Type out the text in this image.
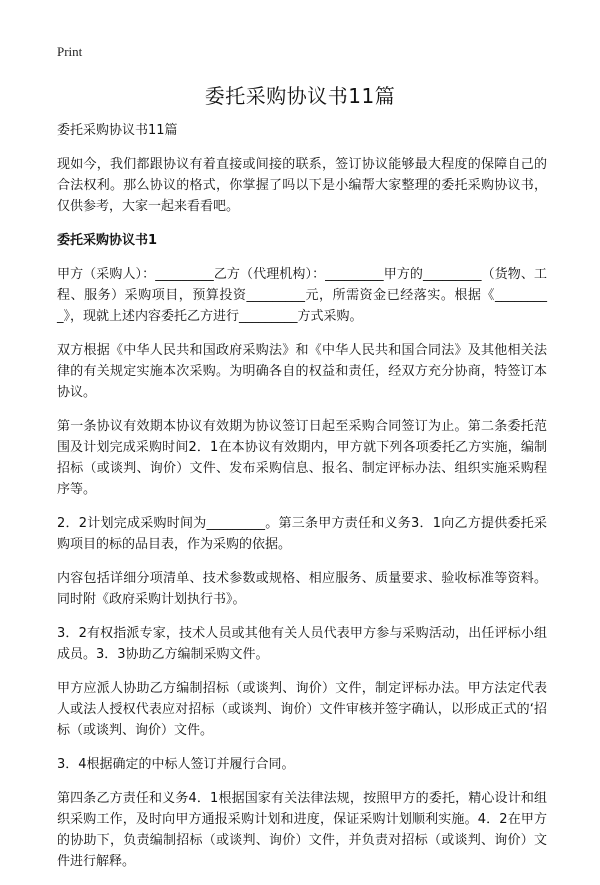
Print
委托采购协议书11篇

委托采购协议书11篇

现如今，我们都跟协议有着直接或间接的联系，签订协议能够最大程度的保障自己的合法权利。那么协议的格式，你掌握了吗以下是小编帮大家整理的委托采购协议书，仅供参考，大家一起来看看吧。

委托采购协议书1

甲方（采购人）：_________乙方（代理机构）：_________甲方的_________（货物、工程、服务）采购项目，预算投资_________元，所需资金已经落实。根据《_________》，现就上述内容委托乙方进行_________方式采购。

双方根据《中华人民共和国政府采购法》和《中华人民共和国合同法》及其他相关法律的有关规定实施本次采购。为明确各自的权益和责任，经双方充分协商，特签订本协议。

第一条协议有效期本协议有效期为协议签订日起至采购合同签订为止。第二条委托范围及计划完成采购时间2．1在本协议有效期内，甲方就下列各项委托乙方实施，编制招标（或谈判、询价）文件、发布采购信息、报名、制定评标办法、组织实施采购程序等。

2．2计划完成采购时间为_________。第三条甲方责任和义务3．1向乙方提供委托采购项目的标的品目表，作为采购的依据。

内容包括详细分项清单、技术参数或规格、相应服务、质量要求、验收标准等资料。同时附《政府采购计划执行书》。

3．2有权指派专家，技术人员或其他有关人员代表甲方参与采购活动，出任评标小组成员。3．3协助乙方编制采购文件。

甲方应派人协助乙方编制招标（或谈判、询价）文件，制定评标办法。甲方法定代表人或法人授权代表应对招标（或谈判、询价）文件审核并签字确认，以形成正式的‘招标（或谈判、询价）文件。

3．4根据确定的中标人签订并履行合同。

第四条乙方责任和义务4．1根据国家有关法律法规，按照甲方的委托，精心设计和组织采购工作，及时向甲方通报采购计划和进度，保证采购计划顺利实施。4．2在甲方的协助下，负责编制招标（或谈判、询价）文件，并负责对招标（或谈判、询价）文件进行解释。
